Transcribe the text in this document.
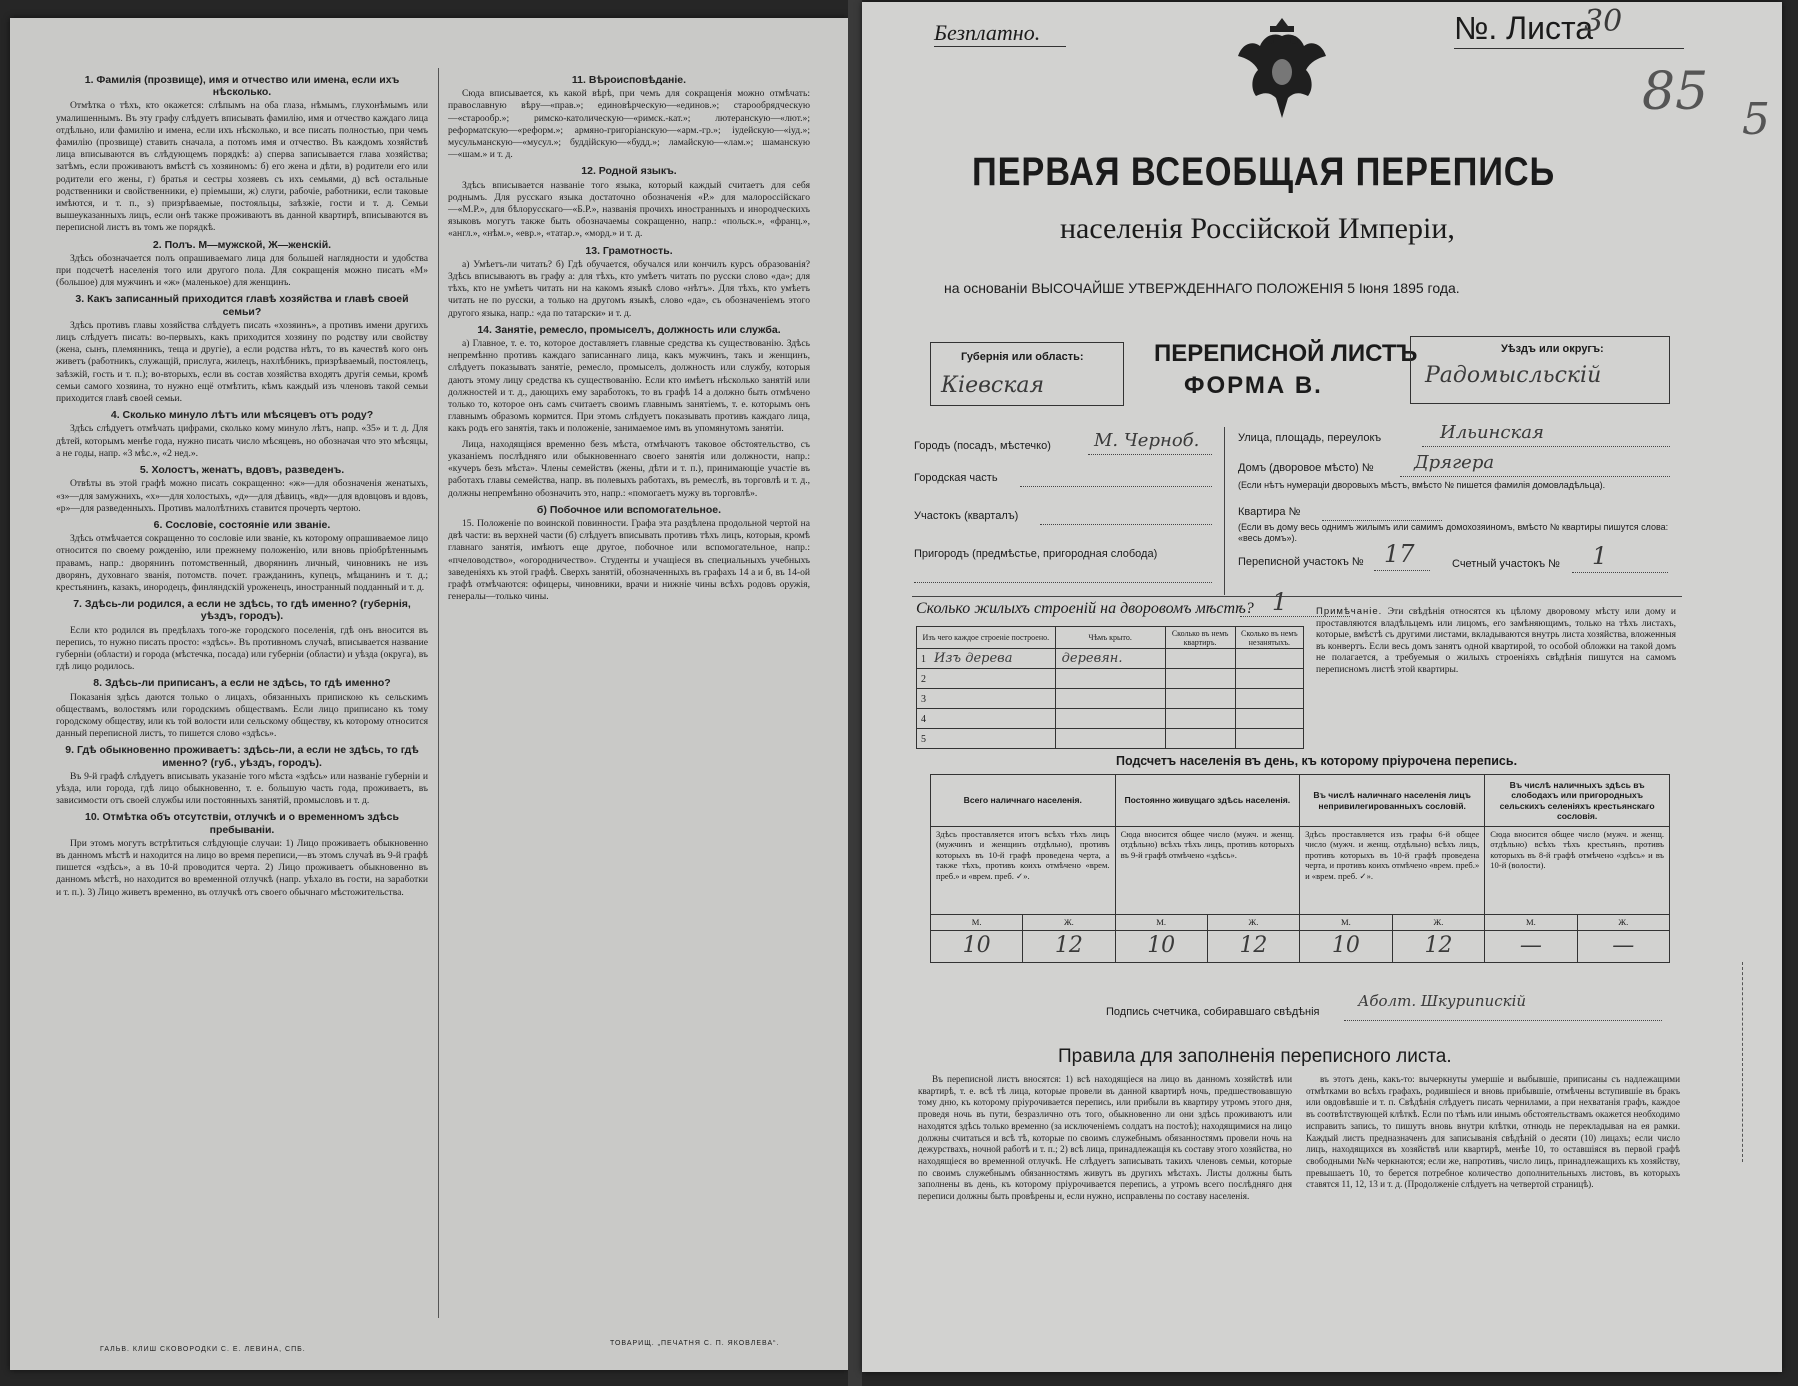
1. Фамилія (прозвище), имя и отчество или имена, если ихъ нѣсколько.

Отмѣтка о тѣхъ, кто окажется: слѣпымъ на оба глаза, нѣмымъ, глухонѣмымъ или умалишеннымъ. Въ эту графу слѣдуетъ вписывать фамилію, имя и отчество каждаго лица отдѣльно, или фамилію и имена, если ихъ нѣсколько, и все писать полностью, при чемъ фамилію (прозвище) ставить сначала, а потомъ имя и отчество. Въ каждомъ хозяйствѣ лица вписываются въ слѣдующемъ порядкѣ: а) сперва записывается глава хозяйства; затѣмъ, если проживаютъ вмѣстѣ съ хозяиномъ: б) его жена и дѣти, в) родители его или родители его жены, г) братья и сестры хозяевъ съ ихъ семьями, д) всѣ остальные родственники и свойственники, е) пріемыши, ж) слуги, рабочіе, работники, если таковые имѣются, и т. п., з) призрѣваемые, постояльцы, заѣзжіе, гости и т. д. Семьи вышеуказанныхъ лицъ, если онѣ также проживаютъ въ данной квартирѣ, вписываются въ переписной листъ въ томъ же порядкѣ.

2. Полъ. М—мужской, Ж—женскій.

Здѣсь обозначается полъ опрашиваемаго лица для большей наглядности и удобства при подсчетѣ населенія того или другого пола. Для сокращенія можно писать «М» (большое) для мужчинъ и «ж» (маленькое) для женщинъ.

3. Какъ записанный приходится главѣ хозяйства и главѣ своей семьи?

Здѣсь противъ главы хозяйства слѣдуетъ писать «хозяинъ», а противъ имени другихъ лицъ слѣдуетъ писать: во-первыхъ, какъ приходится хозяину по родству или свойству (жена, сынъ, племянникъ, теща и другіе), а если родства нѣтъ, то въ качествѣ кого онъ живетъ (работникъ, служащій, прислуга, жилецъ, нахлѣбникъ, призрѣваемый, постоялецъ, заѣзжій, гость и т. п.); во-вторыхъ, если въ состав хозяйства входятъ другія семьи, кромѣ семьи самого хозяина, то нужно ещё отмѣтить, кѣмъ каждый изъ членовъ такой семьи приходится главѣ своей семьи.

4. Сколько минуло лѣтъ или мѣсяцевъ отъ роду?

Здѣсь слѣдуетъ отмѣчать цифрами, сколько кому минуло лѣтъ, напр. «35» и т. д. Для дѣтей, которымъ менѣе года, нужно писать число мѣсяцевъ, но обозначая что это мѣсяцы, а не годы, напр. «3 мѣс.», «2 нед.».

5. Холостъ, женатъ, вдовъ, разведенъ.

Отвѣты въ этой графѣ можно писать сокращенно: «ж»—для обозначенія женатыхъ, «з»—для замужнихъ, «х»—для холостыхъ, «д»—для дѣвицъ, «вд»—для вдовцовъ и вдовъ, «р»—для разведенныхъ. Противъ малолѣтнихъ ставится прочерть чертою.

6. Сословіе, состояніе или званіе.

Здѣсь отмѣчается сокращенно то сословіе или званіе, къ которому опрашиваемое лицо относится по своему рожденію, или прежнему положенію, или вновь пріобрѣтеннымъ правамъ, напр.: дворянинъ потомственный, дворянинъ личный, чиновникъ не изъ дворянъ, духовнаго званія, потомств. почет. гражданинъ, купецъ, мѣщанинъ и т. д.; крестьянинъ, казакъ, инородецъ, финляндскій уроженецъ, иностранный подданный и т. д.

7. Здѣсь-ли родился, а если не здѣсь, то гдѣ именно? (губернія, уѣздъ, городъ).

Если кто родился въ предѣлахъ того-же городского поселенія, гдѣ онъ вносится въ перепись, то нужно писать просто: «здѣсь». Въ противномъ случаѣ, вписывается название губерніи (области) и города (мѣстечка, посада) или губерніи (области) и уѣзда (округа), въ гдѣ лицо родилось.

8. Здѣсь-ли приписанъ, а если не здѣсь, то гдѣ именно?

Показанія здѣсь даются только о лицахъ, обязанныхъ припискою къ сельскимъ обществамъ, волостямъ или городскимъ обществамъ. Если лицо приписано къ тому городскому обществу, или къ той волости или сельскому обществу, къ которому относится данный переписной листъ, то пишется слово «здѣсь».

9. Гдѣ обыкновенно проживаетъ: здѣсь-ли, а если не здѣсь, то гдѣ именно? (губ., уѣздъ, городъ).

Въ 9-й графѣ слѣдуетъ вписывать указаніе того мѣста «здѣсь» или названіе губерніи и уѣзда, или города, гдѣ лицо обыкновенно, т. е. большую часть года, проживаетъ, въ зависимости отъ своей службы или постоянныхъ занятій, промысловъ и т. д.

10. Отмѣтка объ отсутствіи, отлучкѣ и о временномъ здѣсь пребываніи.

При этомъ могутъ встрѣтиться слѣдующіе случаи: 1) Лицо проживаетъ обыкновенно въ данномъ мѣстѣ и находится на лицо во время переписи,—въ этомъ случаѣ въ 9-й графѣ пишется «здѣсь», а въ 10-й проводится черта. 2) Лицо проживаетъ обыкновенно въ данномъ мѣстѣ, но находится во временной отлучкѣ (напр. уѣхало въ гости, на заработки и т. п.). 3) Лицо живетъ временно, въ отлучкѣ отъ своего обычнаго мѣстожительства.

11. Вѣроисповѣданіе.

Сюда вписывается, къ какой вѣрѣ, при чемъ для сокращенія можно отмѣчать: православную вѣру—«прав.»; единовѣрческую—«единов.»; старообрядческую—«старообр.»; римско-католическую—«римск.-кат.»; лютеранскую—«лют.»; реформатскую—«реформ.»; армяно-григоріанскую—«арм.-гр.»; іудейскую—«іуд.»; мусульманскую—«мусул.»; буддійскую—«будд.»; ламайскую—«лам.»; шаманскую—«шам.» и т. д.

12. Родной языкъ.

Здѣсь вписывается названіе того языка, который каждый считаетъ для себя роднымъ. Для русскаго языка достаточно обозначенія «Р.» для малороссійскаго—«М.Р.», для бѣлорусскаго—«Б.Р.», названія прочихъ иностранныхъ и инородческихъ языковъ могутъ также быть обозначаемы сокращенно, напр.: «польск.», «франц.», «англ.», «нѣм.», «евр.», «татар.», «морд.» и т. д.

13. Грамотность.

а) Умѣетъ-ли читать? б) Гдѣ обучается, обучался или кончилъ курсъ образованія? Здѣсь вписываютъ въ графу а: для тѣхъ, кто умѣетъ читать по русски слово «да»; для тѣхъ, кто не умѣетъ читать ни на какомъ языкѣ слово «нѣтъ». Для тѣхъ, кто умѣетъ читать не по русски, а только на другомъ языкѣ, слово «да», съ обозначеніемъ этого другого языка, напр.: «да по татарски» и т. д.

14. Занятіе, ремесло, промыселъ, должность или служба.

а) Главное, т. е. то, которое доставляетъ главные средства къ существованію. Здѣсь непремѣнно противъ каждаго записаннаго лица, какъ мужчинъ, такъ и женщинъ, слѣдуетъ показывать занятіе, ремесло, промыселъ, должность или службу, которыя даютъ этому лицу средства къ существованію. Если кто имѣетъ нѣсколько занятій или должностей и т. д., дающихъ ему заработокъ, то въ графѣ 14 а должно быть отмѣчено только то, которое онъ самъ считаетъ своимъ главнымъ занятіемъ, т. е. которымъ онъ главнымъ образомъ кормится. При этомъ слѣдуетъ показывать противъ каждаго лица, какъ родъ его занятія, такъ и положеніе, занимаемое имъ въ упомянутомъ занятіи.

Лица, находящіяся временно безъ мѣста, отмѣчаютъ таковое обстоятельство, съ указаніемъ послѣдняго или обыкновеннаго своего занятія или должности, напр.: «кучеръ безъ мѣста». Члены семействъ (жены, дѣти и т. п.), принимающіе участіе въ работахъ главы семейства, напр. въ полевыхъ работахъ, въ ремеслѣ, въ торговлѣ и т. д., должны непремѣнно обозначить это, напр.: «помогаетъ мужу въ торговлѣ».

б) Побочное или вспомогательное.

15. Положеніе по воинской повинности. Графа эта раздѣлена продольной чертой на двѣ части: въ верхней части (б) слѣдуетъ вписывать противъ тѣхъ лицъ, которыя, кромѣ главнаго занятія, имѣютъ еще другое, побочное или вспомогательное, напр.: «пчеловодство», «огородничество». Студенты и учащіеся въ специальныхъ учебныхъ заведеніяхъ къ этой графѣ. Сверхъ занятій, обозначенныхъ въ графахъ 14 а и б, въ 14-ой графѣ отмѣчаются: офицеры, чиновники, врачи и нижніе чины всѣхъ родовъ оружія, генералы—только чины.

ГАЛЬВ. КЛИШ СКОВОРОДКИ С. Е. ЛЕВИНА, СПБ.
ТОВАРИЩ. „ПЕЧАТНЯ С. П. ЯКОВЛЕВА“.
Безплатно.	№. Листа
30
85 5
ПЕРВАЯ ВСЕОБЩАЯ ПЕРЕПИСЬ
населенія Россійской Имперіи,
на основаніи ВЫСОЧАЙШЕ УТВЕРЖДЕННАГО ПОЛОЖЕНІЯ 5 Іюня 1895 года.
Губернія или область:
Кіевская
ПЕРЕПИСНОЙ ЛИСТЪ
ФОРМА В.
Уѣздъ или округъ:
Радомысльскій
Городъ (посадъ, мѣстечко) М. Черноб.
Городская часть
Участокъ (кварталъ)
Пригородъ (предмѣстье, пригородная слобода)
Улица, площадь, переулокъ	Ильинская
Домъ (дворовое мѣсто) № Дрягера
(Если нѣтъ нумераціи дворовыхъ мѣстъ, вмѣсто № пишется фамилія домовладѣльца).
Квартира №
(Если въ дому весь однимъ жилымъ или самимъ домохозяиномъ, вмѣсто № квартиры пишутся слова: «весь домъ»).
Переписной участокъ № 17	Счетный участокъ № 1
Сколько жилыхъ строеній на дворовомъ мѣстѣ? 1
Изъ чего каждое строеніе построено.	Чѣмъ крыто.	Сколько въ немъ квартиръ.	Сколько въ немъ незанятыхъ.
1 Изъ дерева	деревян.		
2			
3			
4			
5			
Примѣчаніе. Эти свѣдѣнія относятся къ цѣлому дворовому мѣсту или дому и проставляются владѣльцемъ или лицомъ, его замѣняющимъ, только на тѣхъ листахъ, которые, вмѣстѣ съ другими листами, вкладываются внутрь листа хозяйства, вложенныя въ конвертъ. Если весь домъ занятъ одной квартирой, то особой обложки на такой домъ не полагается, а требуемыя о жилыхъ строеніяхъ свѣдѣнія пишутся на самомъ переписномъ листѣ этой квартиры.
Подсчетъ населенія въ день, къ которому пріурочена перепись.
Всего наличнаго населенія.		Постоянно живущаго здѣсь населенія.		Въ числѣ наличнаго населенія лицъ непривилегированныхъ сословій.		Въ числѣ наличныхъ здѣсь въ слободахъ или пригородныхъ сельскихъ селеніяхъ крестьянскаго сословія.	
Здѣсь проставляется итогъ всѣхъ тѣхъ лицъ (мужчинъ и женщинъ отдѣльно), противъ которыхъ въ 10-й графѣ проведена черта, а также тѣхъ, противъ коихъ отмѣчено «врем. преб.» и «врем. преб. ✓».		Сюда вносится общее число (мужч. и женщ. отдѣльно) всѣхъ тѣхъ лицъ, противъ которыхъ въ 9-й графѣ отмѣчено «здѣсь».		Здѣсь проставляется изъ графы 6-й общее число (мужч. и женщ. отдѣльно) всѣхъ лицъ, противъ которыхъ въ 10-й графѣ проведена черта, и противъ коихъ отмѣчено «врем. преб.» и «врем. преб. ✓».		Сюда вносится общее число (мужч. и женщ. отдѣльно) всѣхъ тѣхъ крестьянъ, противъ которыхъ въ 8-й графѣ отмѣчено «здѣсь» и въ 10-й (волости).	
М.	Ж.	М.	Ж.	М.	Ж.	М.	Ж.
10	12	10	12	10	12	—	—
Подпись счетчика, собиравшаго свѣдѣнія
Аболт. Шкурипискій
Правила для заполненія переписного листа.

Въ переписной листъ вносятся: 1) всѣ находящіеся на лицо въ данномъ хозяйствѣ или квартирѣ, т. е. всѣ тѣ лица, которые провели въ данной квартирѣ ночь, предшествовавшую тому дню, къ которому пріурочивается перепись, или прибыли въ квартиру утромъ этого дня, проведя ночь въ пути, безразлично отъ того, обыкновенно ли они здѣсь проживаютъ или находятся здѣсь только временно (за исключеніемъ солдатъ на постоѣ); находящимися на лицо должны считаться и всѣ тѣ, которые по своимъ служебнымъ обязанностямъ провели ночь на дежурствахъ, ночной работѣ и т. п.; 2) всѣ лица, принадлежащія къ составу этого хозяйства, но находящіеся во временной отлучкѣ. Не слѣдуетъ записывать такихъ членовъ семьи, которые по своимъ служебнымъ обязанностямъ живутъ въ другихъ мѣстахъ. Листы должны быть заполнены въ день, къ которому пріурочивается перепись, а утромъ всего послѣдняго дня переписи должны быть провѣрены и, если нужно, исправлены по составу населенія.

въ этотъ день, какъ-то: вычеркнуты умершіе и выбывшіе, приписаны съ надлежащими отмѣтками во всѣхъ графахъ, родившіеся и вновь прибывшіе, отмѣчены вступившіе въ бракъ или овдовѣвшіе и т. п. Свѣдѣнія слѣдуетъ писать чернилами, а при нехватанія графъ, каждое въ соотвѣтствующей клѣткѣ. Если по тѣмъ или инымъ обстоятельствамъ окажется необходимо исправить запись, то пишутъ вновь внутри клѣтки, отнюдь не перекладывая на ея рамки. Каждый листъ предназначенъ для записыванія свѣдѣній о десяти (10) лицахъ; если число лицъ, находящихся въ хозяйствѣ или квартирѣ, менѣе 10, то оставшіяся въ первой графѣ свободными №№ черкнаются; если же, напротивъ, число лицъ, принадлежащихъ къ хозяйству, превышаетъ 10, то берется потребное количество дополнительныхъ листовъ, въ которыхъ ставятся 11, 12, 13 и т. д. (Продолженіе слѣдуетъ на четвертой страницѣ).
